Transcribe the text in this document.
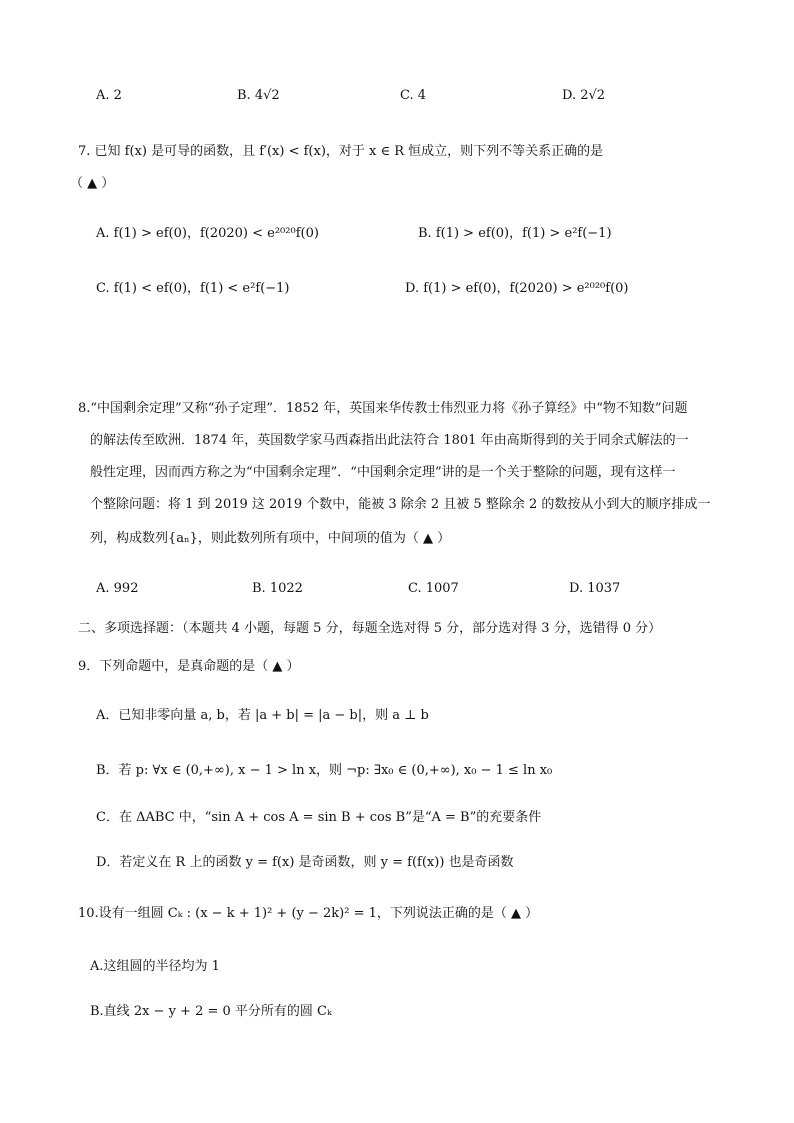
A. 2	B. 4√2	C. 4	D. 2√2
7. 已知 f(x) 是可导的函数，且 f′(x) < f(x)，对于 x ∈ R 恒成立，则下列不等关系正确的是
（ ▲ ）
A. f(1) > ef(0)，f(2020) < e²⁰²⁰f(0)	B. f(1) > ef(0)，f(1) > e²f(−1)
C. f(1) < ef(0)，f(1) < e²f(−1)	D. f(1) > ef(0)，f(2020) > e²⁰²⁰f(0)
8.“中国剩余定理”又称“孙子定理”．1852 年，英国来华传教士伟烈亚力将《孙子算经》中“物不知数”问题
的解法传至欧洲．1874 年，英国数学家马西森指出此法符合 1801 年由高斯得到的关于同余式解法的一
般性定理，因而西方称之为“中国剩余定理”．“中国剩余定理”讲的是一个关于整除的问题，现有这样一
个整除问题：将 1 到 2019 这 2019 个数中，能被 3 除余 2 且被 5 整除余 2 的数按从小到大的顺序排成一
列，构成数列{aₙ}，则此数列所有项中，中间项的值为（ ▲ ）
A. 992	B. 1022	C. 1007	D. 1037
二、多项选择题：（本题共 4 小题，每题 5 分，每题全选对得 5 分，部分选对得 3 分，选错得 0 分）
9．下列命题中，是真命题的是（ ▲ ）
A．已知非零向量 a, b，若 |a + b| = |a − b|，则 a ⊥ b
B．若 p: ∀x ∈ (0,+∞), x − 1 > ln x，则 ¬p: ∃x₀ ∈ (0,+∞), x₀ − 1 ≤ ln x₀
C．在 ΔABC 中，“sin A + cos A = sin B + cos B”是“A = B”的充要条件
D．若定义在 R 上的函数 y = f(x) 是奇函数，则 y = f(f(x)) 也是奇函数
10.设有一组圆 Cₖ : (x − k + 1)² + (y − 2k)² = 1，下列说法正确的是（ ▲ ）
A.这组圆的半径均为 1
B.直线 2x − y + 2 = 0 平分所有的圆 Cₖ
